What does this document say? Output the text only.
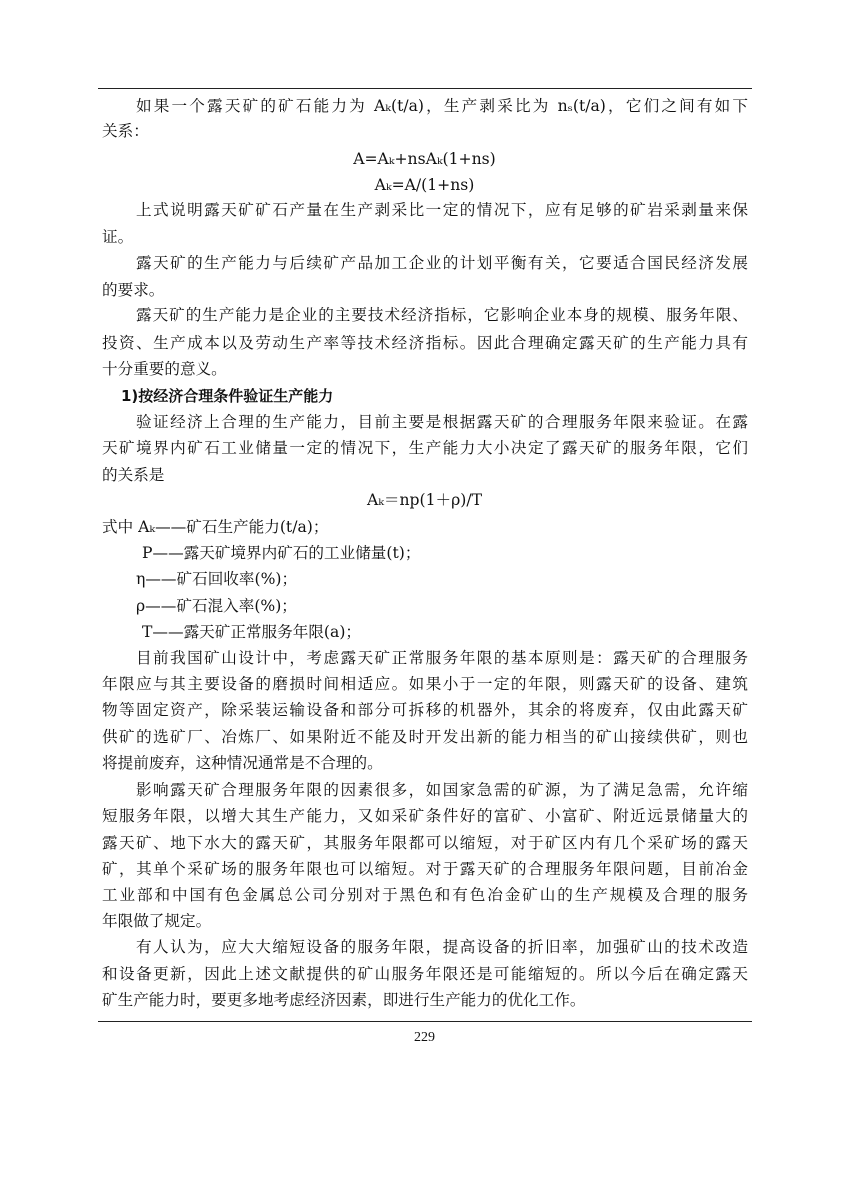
如果一个露天矿的矿石能力为 Aₖ(t/a)，生产剥采比为 nₛ(t/a)，它们之间有如下
关系：
A=Aₖ+nsAₖ(1+ns)
Aₖ=A/(1+ns)
上式说明露天矿矿石产量在生产剥采比一定的情况下，应有足够的矿岩采剥量来保
证。
露天矿的生产能力与后续矿产品加工企业的计划平衡有关，它要适合国民经济发展
的要求。
露天矿的生产能力是企业的主要技术经济指标，它影响企业本身的规模、服务年限、
投资、生产成本以及劳动生产率等技术经济指标。因此合理确定露天矿的生产能力具有
十分重要的意义。
1)按经济合理条件验证生产能力
验证经济上合理的生产能力，目前主要是根据露天矿的合理服务年限来验证。在露
天矿境界内矿石工业储量一定的情况下，生产能力大小决定了露天矿的服务年限，它们
的关系是
Aₖ＝np(1＋ρ)/T
式中 Aₖ——矿石生产能力(t/a)；
P——露天矿境界内矿石的工业储量(t)；
η——矿石回收率(%)；
ρ——矿石混入率(%)；
T——露天矿正常服务年限(a)；
目前我国矿山设计中，考虑露天矿正常服务年限的基本原则是：露天矿的合理服务
年限应与其主要设备的磨损时间相适应。如果小于一定的年限，则露天矿的设备、建筑
物等固定资产，除采装运输设备和部分可拆移的机器外，其余的将废弃，仅由此露天矿
供矿的选矿厂、冶炼厂、如果附近不能及时开发出新的能力相当的矿山接续供矿，则也
将提前废弃，这种情况通常是不合理的。
影响露天矿合理服务年限的因素很多，如国家急需的矿源，为了满足急需，允许缩
短服务年限，以增大其生产能力，又如采矿条件好的富矿、小富矿、附近远景储量大的
露天矿、地下水大的露天矿，其服务年限都可以缩短，对于矿区内有几个采矿场的露天
矿，其单个采矿场的服务年限也可以缩短。对于露天矿的合理服务年限问题，目前冶金
工业部和中国有色金属总公司分别对于黑色和有色冶金矿山的生产规模及合理的服务
年限做了规定。
有人认为，应大大缩短设备的服务年限，提高设备的折旧率，加强矿山的技术改造
和设备更新，因此上述文献提供的矿山服务年限还是可能缩短的。所以今后在确定露天
矿生产能力时，要更多地考虑经济因素，即进行生产能力的优化工作。
229
